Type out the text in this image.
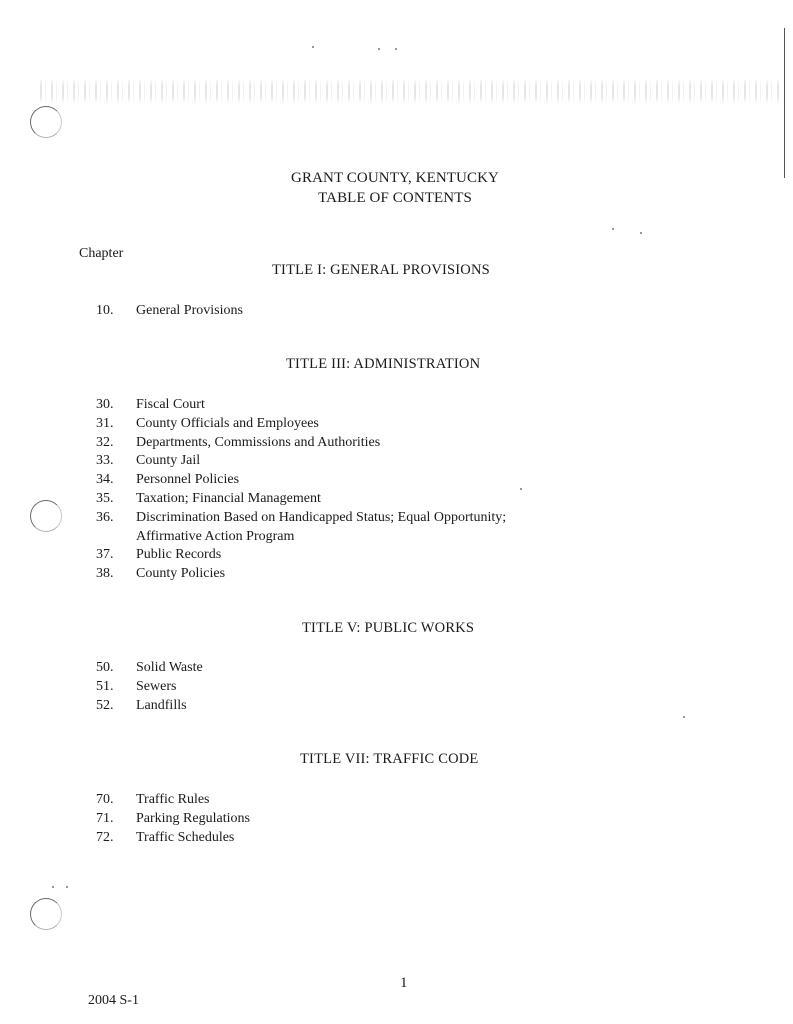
GRANT COUNTY, KENTUCKY
TABLE OF CONTENTS
Chapter
TITLE I: GENERAL PROVISIONS
10.	General Provisions
TITLE III: ADMINISTRATION
30.	Fiscal Court
31.	County Officials and Employees
32.	Departments, Commissions and Authorities
33.	County Jail
34.	Personnel Policies
35.	Taxation; Financial Management
36.	Discrimination Based on Handicapped Status; Equal Opportunity;
Affirmative Action Program
37.	Public Records
38.	County Policies
TITLE V: PUBLIC WORKS
50.	Solid Waste
51.	Sewers
52.	Landfills
TITLE VII: TRAFFIC CODE
70.	Traffic Rules
71.	Parking Regulations
72.	Traffic Schedules
1
2004 S-1
